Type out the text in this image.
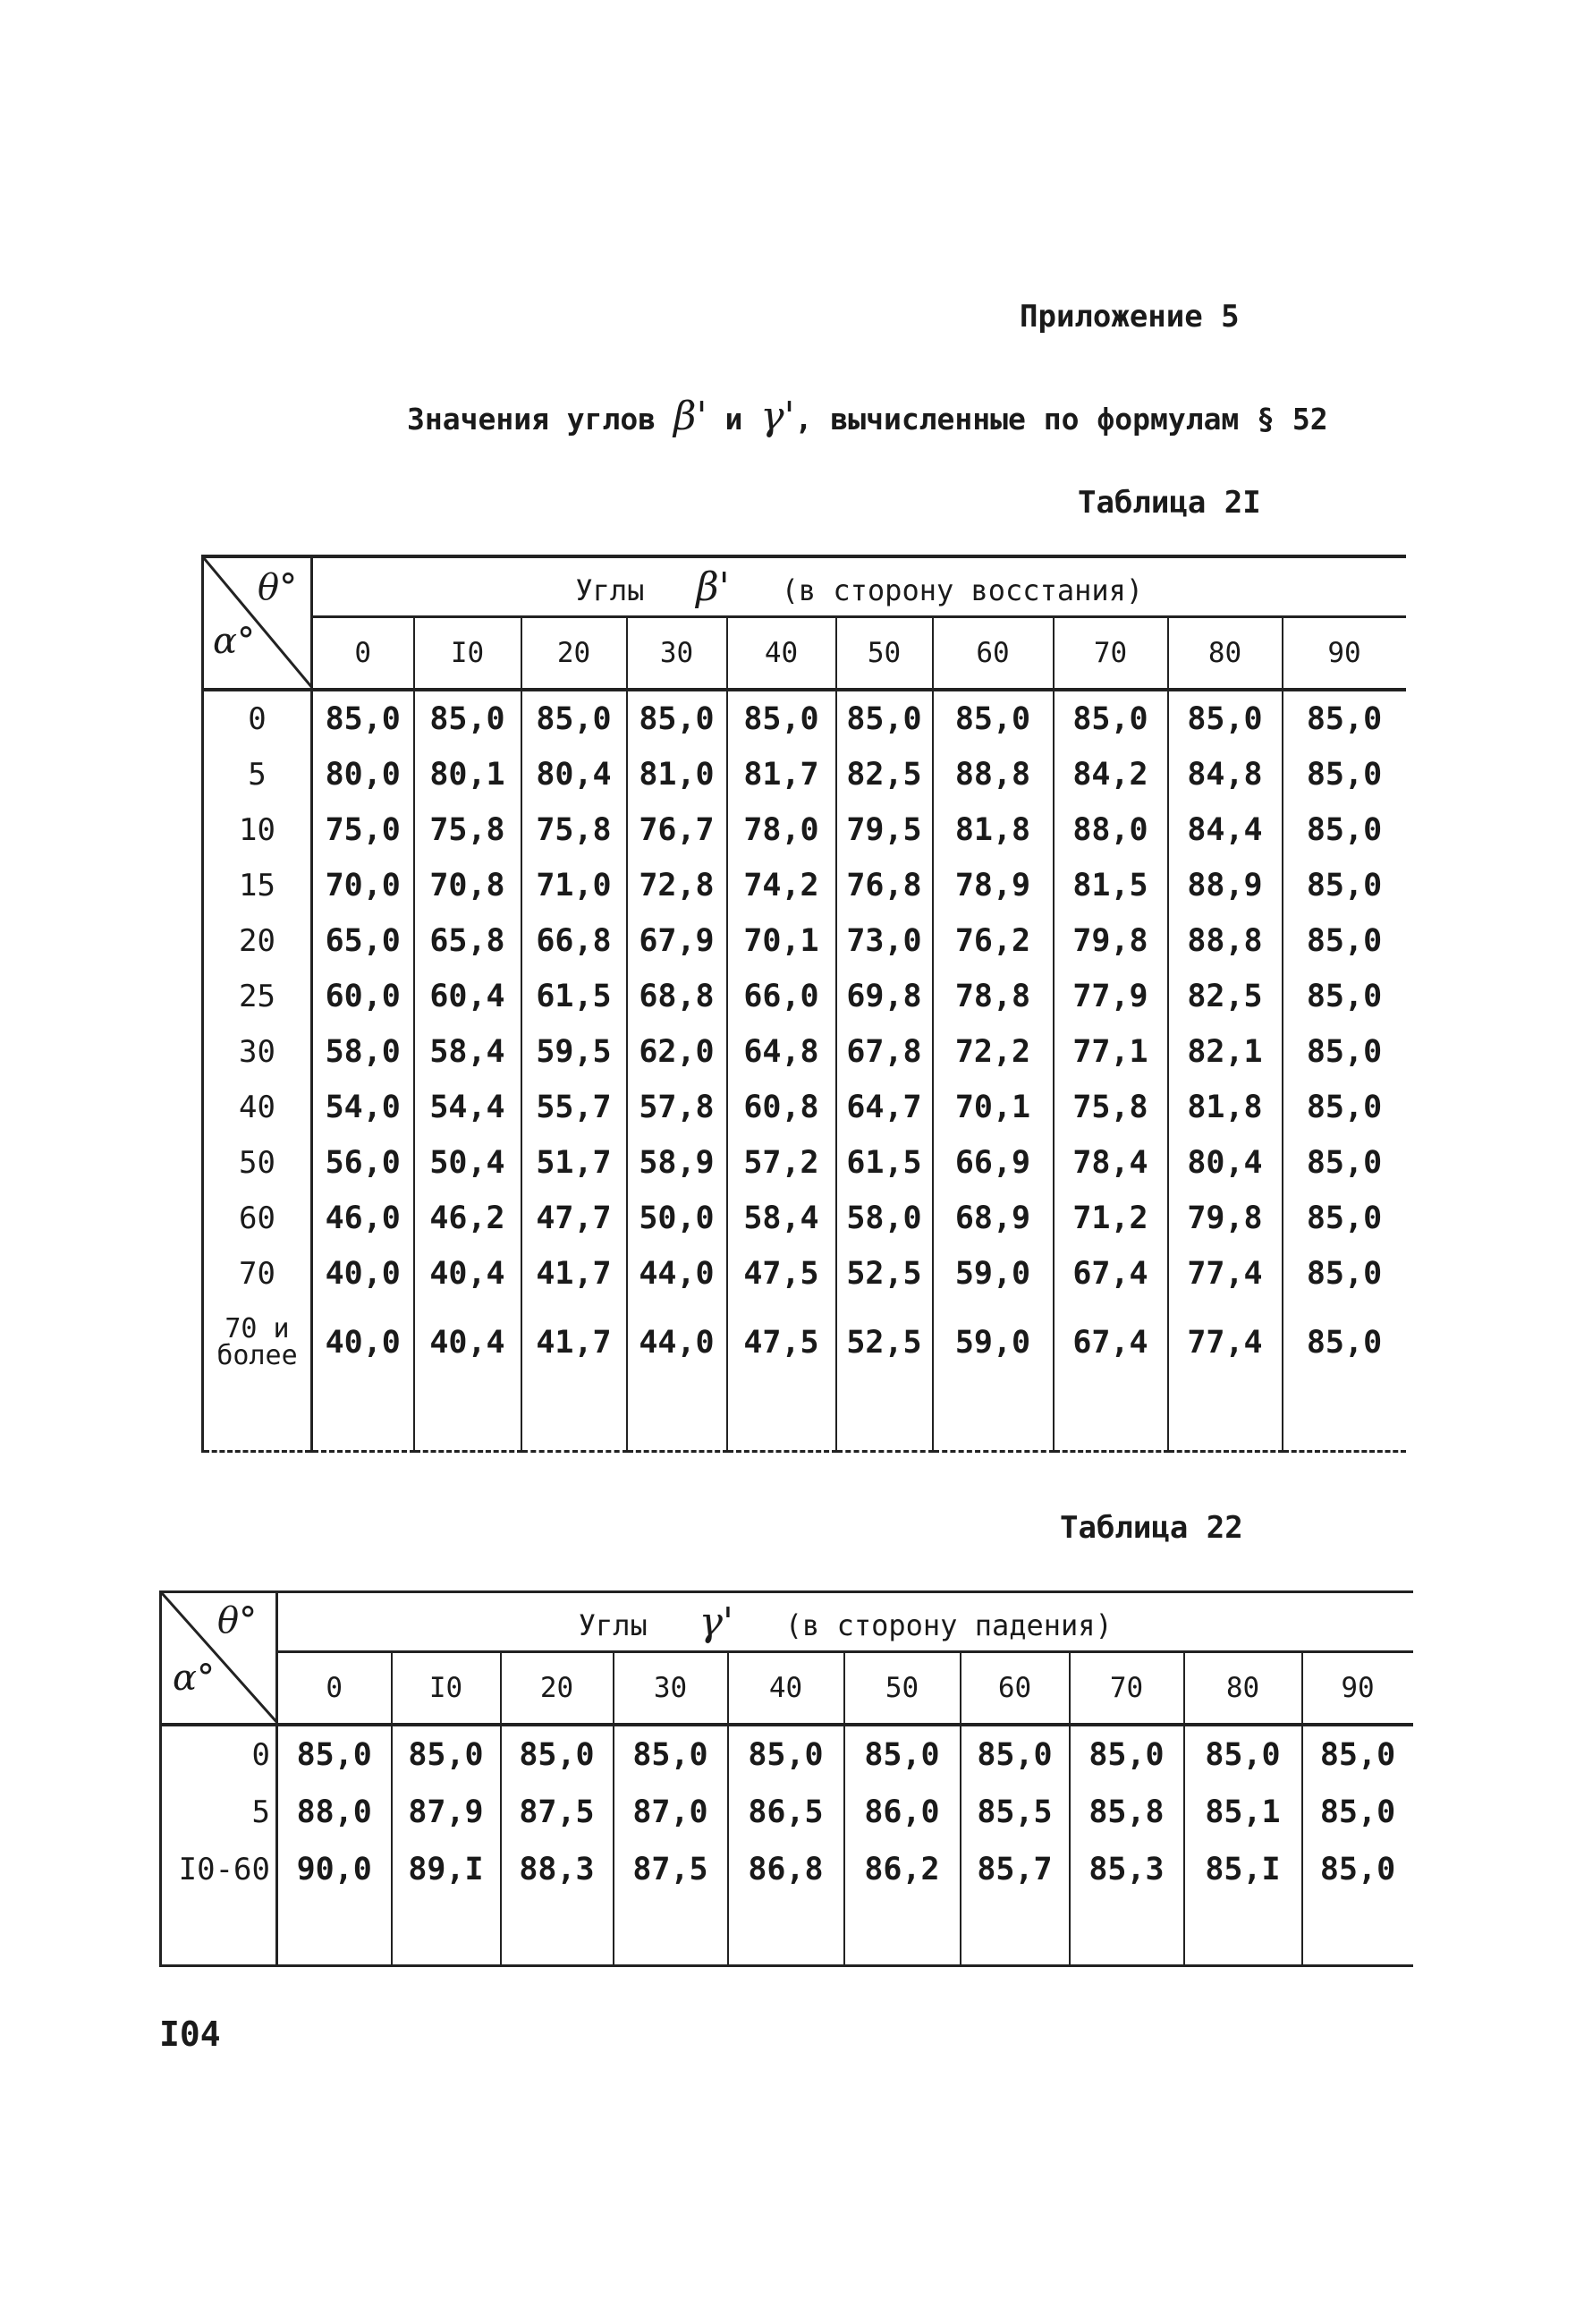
Приложение 5
Значения углов β' и γ', вычисленные по формулам § 52
Таблица 2I
θ°
α°	Углы β' (в сторону восстания)									
	0	I0	20	30	40	50	60	70	80	90
0	85,0	85,0	85,0	85,0	85,0	85,0	85,0	85,0	85,0	85,0
5	80,0	80,1	80,4	81,0	81,7	82,5	88,8	84,2	84,8	85,0
10	75,0	75,8	75,8	76,7	78,0	79,5	81,8	88,0	84,4	85,0
15	70,0	70,8	71,0	72,8	74,2	76,8	78,9	81,5	88,9	85,0
20	65,0	65,8	66,8	67,9	70,1	73,0	76,2	79,8	88,8	85,0
25	60,0	60,4	61,5	68,8	66,0	69,8	78,8	77,9	82,5	85,0
30	58,0	58,4	59,5	62,0	64,8	67,8	72,2	77,1	82,1	85,0
40	54,0	54,4	55,7	57,8	60,8	64,7	70,1	75,8	81,8	85,0
50	56,0	50,4	51,7	58,9	57,2	61,5	66,9	78,4	80,4	85,0
60	46,0	46,2	47,7	50,0	58,4	58,0	68,9	71,2	79,8	85,0
70	40,0	40,4	41,7	44,0	47,5	52,5	59,0	67,4	77,4	85,0

70 и
более	40,0	40,4	41,7	44,0	47,5	52,5	59,0	67,4	77,4	85,0

Таблица 22
θ°
α°	Углы γ' (в сторону падения)									
	0	I0	20	30	40	50	60	70	80	90
0	85,0	85,0	85,0	85,0	85,0	85,0	85,0	85,0	85,0	85,0
5	88,0	87,9	87,5	87,0	86,5	86,0	85,5	85,8	85,1	85,0
I0-60	90,0	89,I	88,3	87,5	86,8	86,2	85,7	85,3	85,I	85,0

I04
